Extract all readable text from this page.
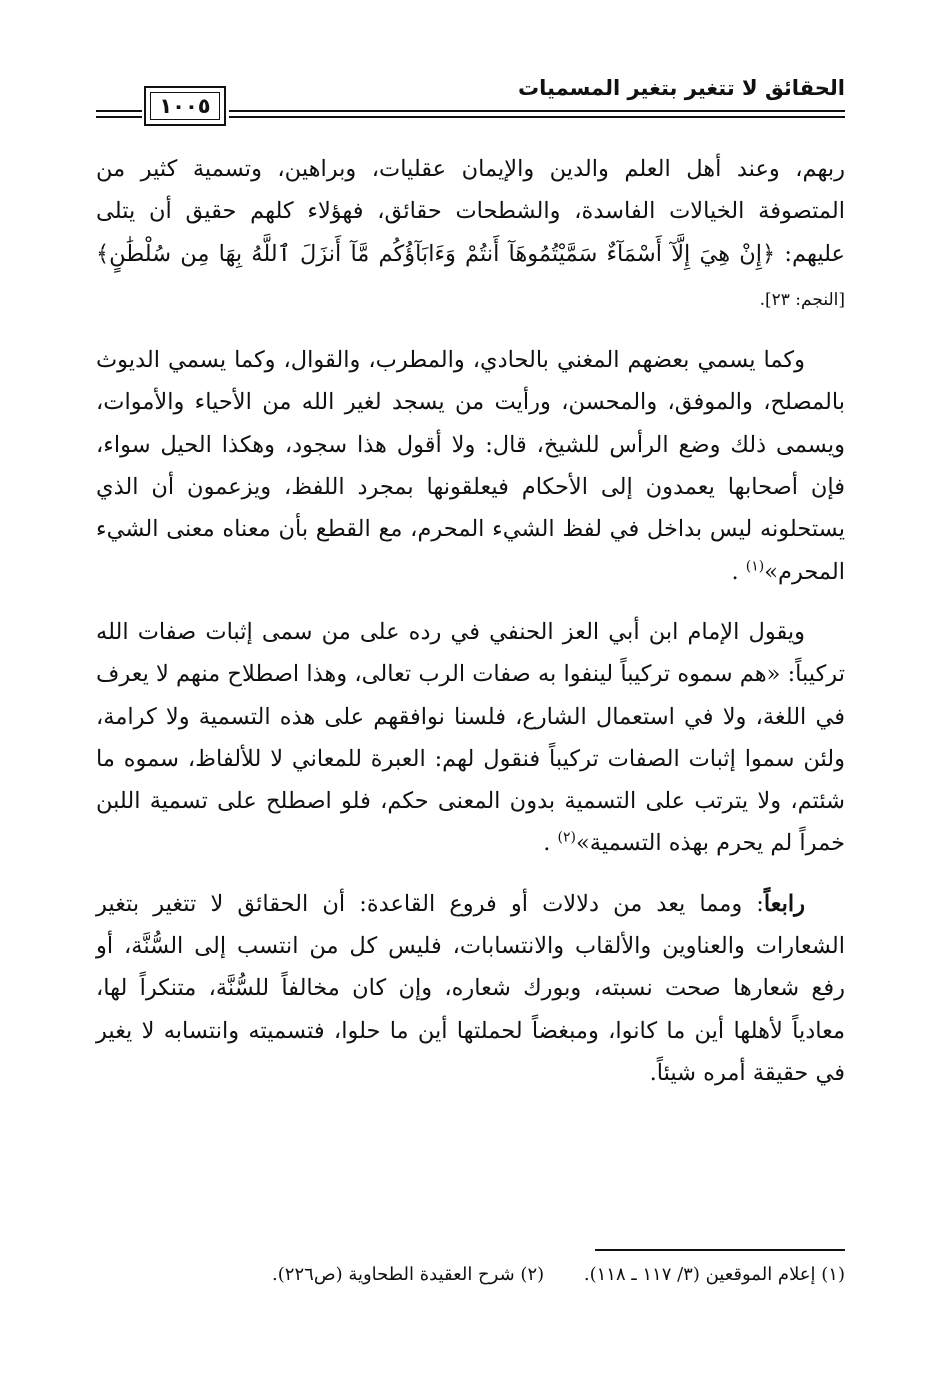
الحقائق لا تتغير بتغير المسميات
١٠٠٥

ربهم، وعند أهل العلم والدين والإيمان عقليات، وبراهين، وتسمية كثير من المتصوفة الخيالات الفاسدة، والشطحات حقائق، فهؤلاء كلهم حقيق أن يتلى عليهم: ﴿إِنْ هِيَ إِلَّآ أَسْمَآءٌ سَمَّيْتُمُوهَآ أَنتُمْ وَءَابَآؤُكُم مَّآ أَنزَلَ ٱللَّهُ بِهَا مِن سُلْطَٰنٍ﴾ [النجم: ٢٣].

وكما يسمي بعضهم المغني بالحادي، والمطرب، والقوال، وكما يسمي الديوث بالمصلح، والموفق، والمحسن، ورأيت من يسجد لغير الله من الأحياء والأموات، ويسمى ذلك وضع الرأس للشيخ، قال: ولا أقول هذا سجود، وهكذا الحيل سواء، فإن أصحابها يعمدون إلى الأحكام فيعلقونها بمجرد اللفظ، ويزعمون أن الذي يستحلونه ليس بداخل في لفظ الشيء المحرم، مع القطع بأن معناه معنى الشيء المحرم»$^{(١)}$ .

ويقول الإمام ابن أبي العز الحنفي في رده على من سمى إثبات صفات الله تركيباً: «هم سموه تركيباً لينفوا به صفات الرب تعالى، وهذا اصطلاح منهم لا يعرف في اللغة، ولا في استعمال الشارع، فلسنا نوافقهم على هذه التسمية ولا كرامة، ولئن سموا إثبات الصفات تركيباً فنقول لهم: العبرة للمعاني لا للألفاظ، سموه ما شئتم، ولا يترتب على التسمية بدون المعنى حكم، فلو اصطلح على تسمية اللبن خمراً لم يحرم بهذه التسمية»$^{(٢)}$ .

رابعاً: ومما يعد من دلالات أو فروع القاعدة: أن الحقائق لا تتغير بتغير الشعارات والعناوين والألقاب والانتسابات، فليس كل من انتسب إلى السُّنَّة، أو رفع شعارها صحت نسبته، وبورك شعاره، وإن كان مخالفاً للسُّنَّة، متنكراً لها، معادياً لأهلها أين ما كانوا، ومبغضاً لحملتها أين ما حلوا، فتسميته وانتسابه لا يغير في حقيقة أمره شيئاً.

(١) إعلام الموقعين (٣/ ١١٧ ـ ١١٨). (٢) شرح العقيدة الطحاوية (ص٢٢٦).
